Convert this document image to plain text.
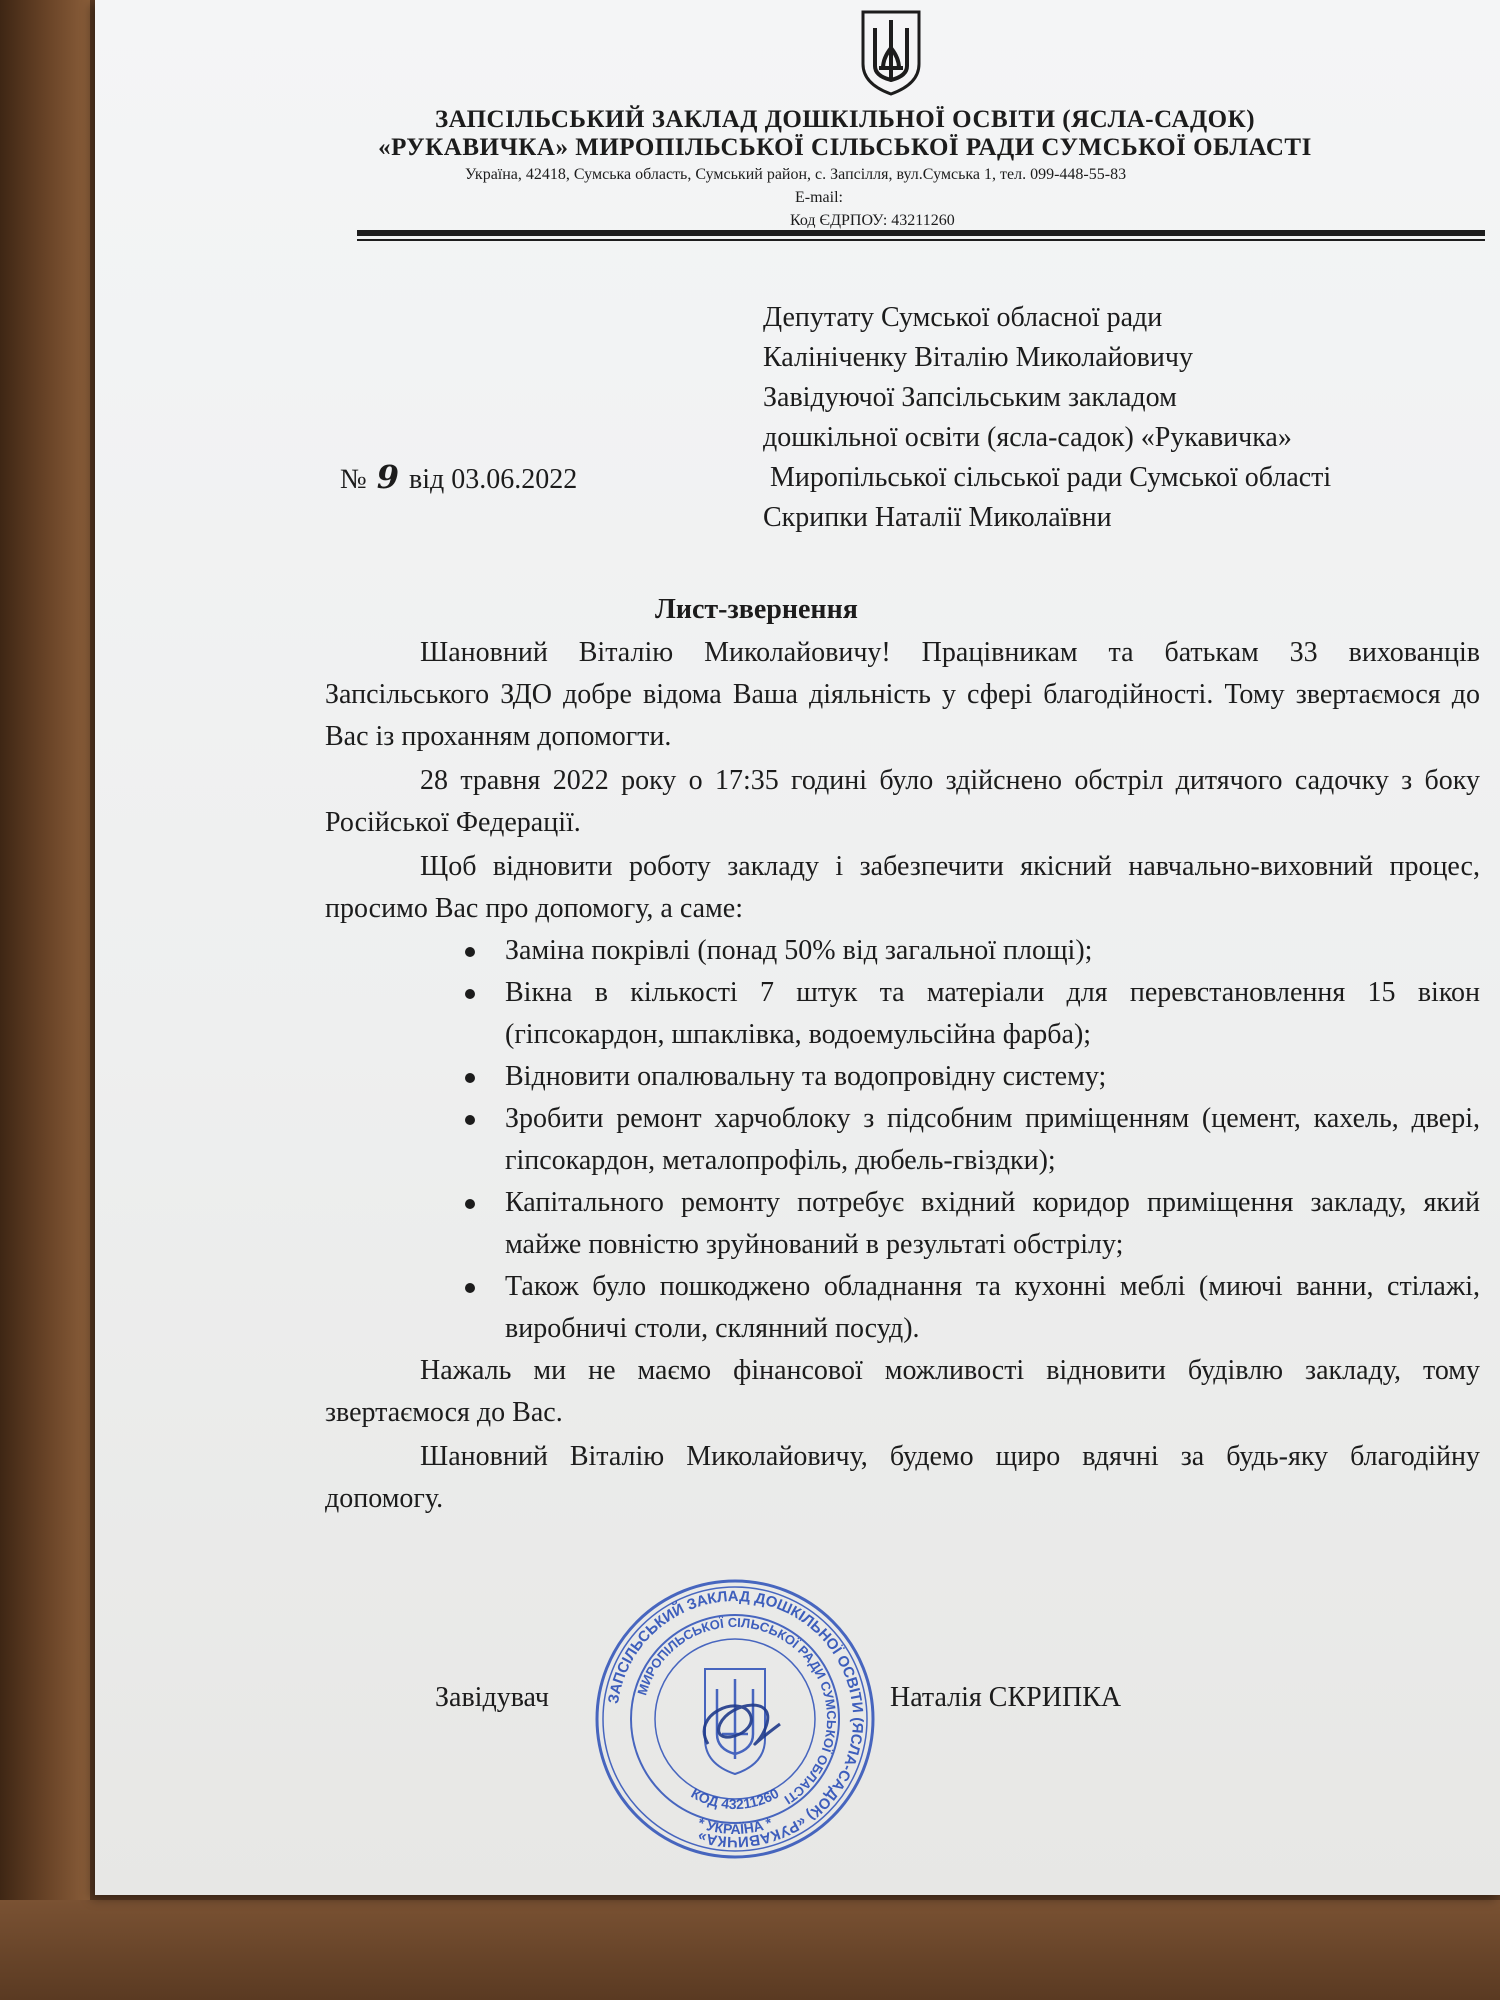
ЗАПСІЛЬСЬКИЙ ЗАКЛАД ДОШКІЛЬНОЇ ОСВІТИ (ЯСЛА-САДОК)
«РУКАВИЧКА» МИРОПІЛЬСЬКОЇ СІЛЬСЬКОЇ РАДИ СУМСЬКОЇ ОБЛАСТІ
Україна, 42418, Сумська область, Сумський район, с. Запсілля, вул.Сумська 1, тел. 099-448-55-83
E-mail:
Код ЄДРПОУ: 43211260
Депутату Сумської обласної ради
Калініченку Віталію Миколайовичу
Завідуючої Запсільським закладом
дошкільної освіти (ясла-садок) «Рукавичка»
Миропільської сільської ради Сумської області
Скрипки Наталії Миколаївни
№ 9 від 03.06.2022
Лист-звернення

Шановний Віталію Миколайовичу! Працівникам та батькам 33 вихованців Запсільського ЗДО добре відома Ваша діяльність у сфері благодійності. Тому звертаємося до Вас із проханням допомогти.

28 травня 2022 року о 17:35 годині було здійснено обстріл дитячого садочку з боку Російської Федерації.

Щоб відновити роботу закладу і забезпечити якісний навчально-виховний процес, просимо Вас про допомогу, а саме:

Заміна покрівлі (понад 50% від загальної площі);
Вікна в кількості 7 штук та матеріали для перевстановлення 15 вікон (гіпсокардон, шпаклівка, водоемульсійна фарба);
Відновити опалювальну та водопровідну систему;
Зробити ремонт харчоблоку з підсобним приміщенням (цемент, кахель, двері, гіпсокардон, металопрофіль, дюбель-гвіздки);
Капітального ремонту потребує вхідний коридор приміщення закладу, який майже повністю зруйнований в результаті обстрілу;
Також було пошкоджено обладнання та кухонні меблі (миючі ванни, стілажі, виробничі столи, склянний посуд).

Нажаль ми не маємо фінансової можливості відновити будівлю закладу, тому звертаємося до Вас.

Шановний Віталію Миколайовичу, будемо щиро вдячні за будь-яку благодійну допомогу.

Завідувач	Наталія СКРИПКА
ЗАПСІЛЬСЬКИЙ ЗАКЛАД ДОШКІЛЬНОЇ ОСВІТИ (ЯСЛА-САДОК) «РУКАВИЧКА»
МИРОПІЛЬСЬКОЇ СІЛЬСЬКОЇ РАДИ СУМСЬКОЇ ОБЛАСТІ
КОД 43211260
* УКРАЇНА *
